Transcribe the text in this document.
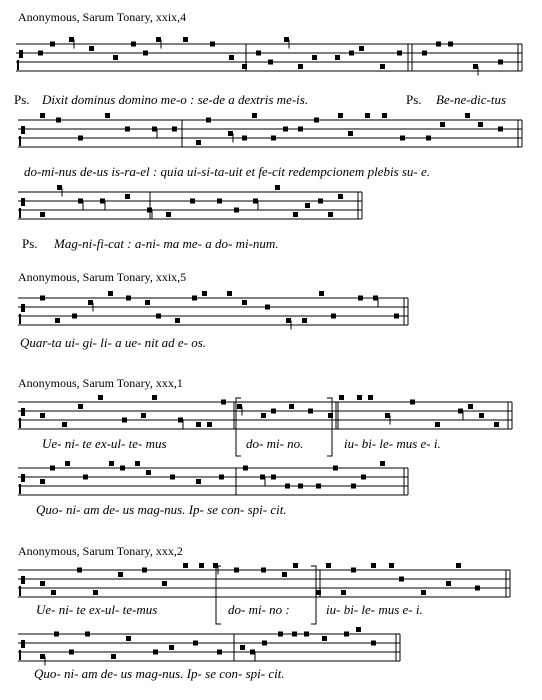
Anonymous, Sarum Tonary, xxix,4
Ps. Dixit dominus domino me-o : se-de a dextris me-is.	Ps. Be-ne-dic-tus
do-mi-nus de-us is-ra-el : quia ui-si-ta-uit et fe-cit redempcionem plebis su- e.
Ps. Mag-ni-fi-cat : a-ni- ma me- a do- mi-num.
Anonymous, Sarum Tonary, xxix,5
Quar-ta ui- gi- li- a ue- nit ad e- os.
Anonymous, Sarum Tonary, xxx,1
Ue- ni- te ex-ul- te- mus	do- mi- no.	iu- bi- le- mus e- i.
Quo- ni- am de- us mag-nus. Ip- se con- spi- cit.
Anonymous, Sarum Tonary, xxx,2
Ue- ni- te ex-ul- te-mus	do- mi- no :	iu- bi- le- mus e- i.
Quo- ni- am de- us mag-nus. Ip- se con- spi- cit.
